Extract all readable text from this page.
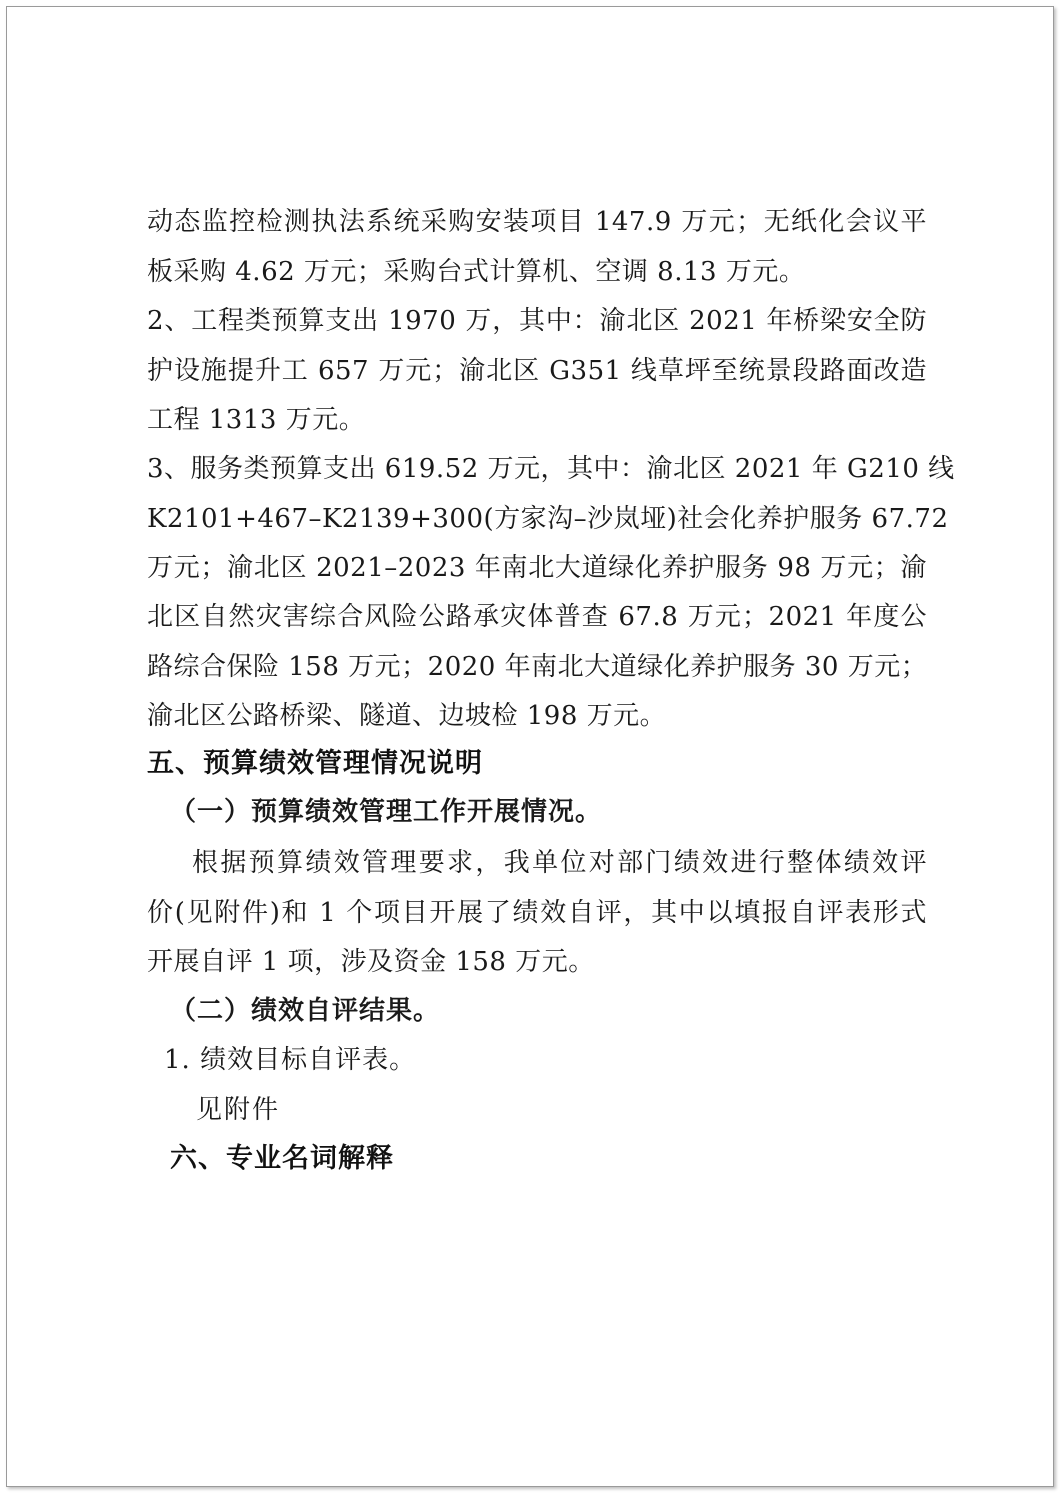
动态监控检测执法系统采购安装项目 147.9 万元；无纸化会议平
板采购 4.62 万元；采购台式计算机、空调 8.13 万元。
2、工程类预算支出 1970 万，其中：渝北区 2021 年桥梁安全防
护设施提升工 657 万元；渝北区 G351 线草坪至统景段路面改造
工程 1313 万元。
3、服务类预算支出 619.52 万元，其中：渝北区 2021 年 G210 线
K2101+467–K2139+300(方家沟–沙岚垭)社会化养护服务 67.72
万元；渝北区 2021–2023 年南北大道绿化养护服务 98 万元；渝
北区自然灾害综合风险公路承灾体普查 67.8 万元；2021 年度公
路综合保险 158 万元；2020 年南北大道绿化养护服务 30 万元；
渝北区公路桥梁、隧道、边坡检 198 万元。
五、预算绩效管理情况说明
（一）预算绩效管理工作开展情况。
根据预算绩效管理要求，我单位对部门绩效进行整体绩效评
价(见附件)和 1 个项目开展了绩效自评，其中以填报自评表形式
开展自评 1 项，涉及资金 158 万元。
（二）绩效自评结果。
1. 绩效目标自评表。
见附件
六、专业名词解释
